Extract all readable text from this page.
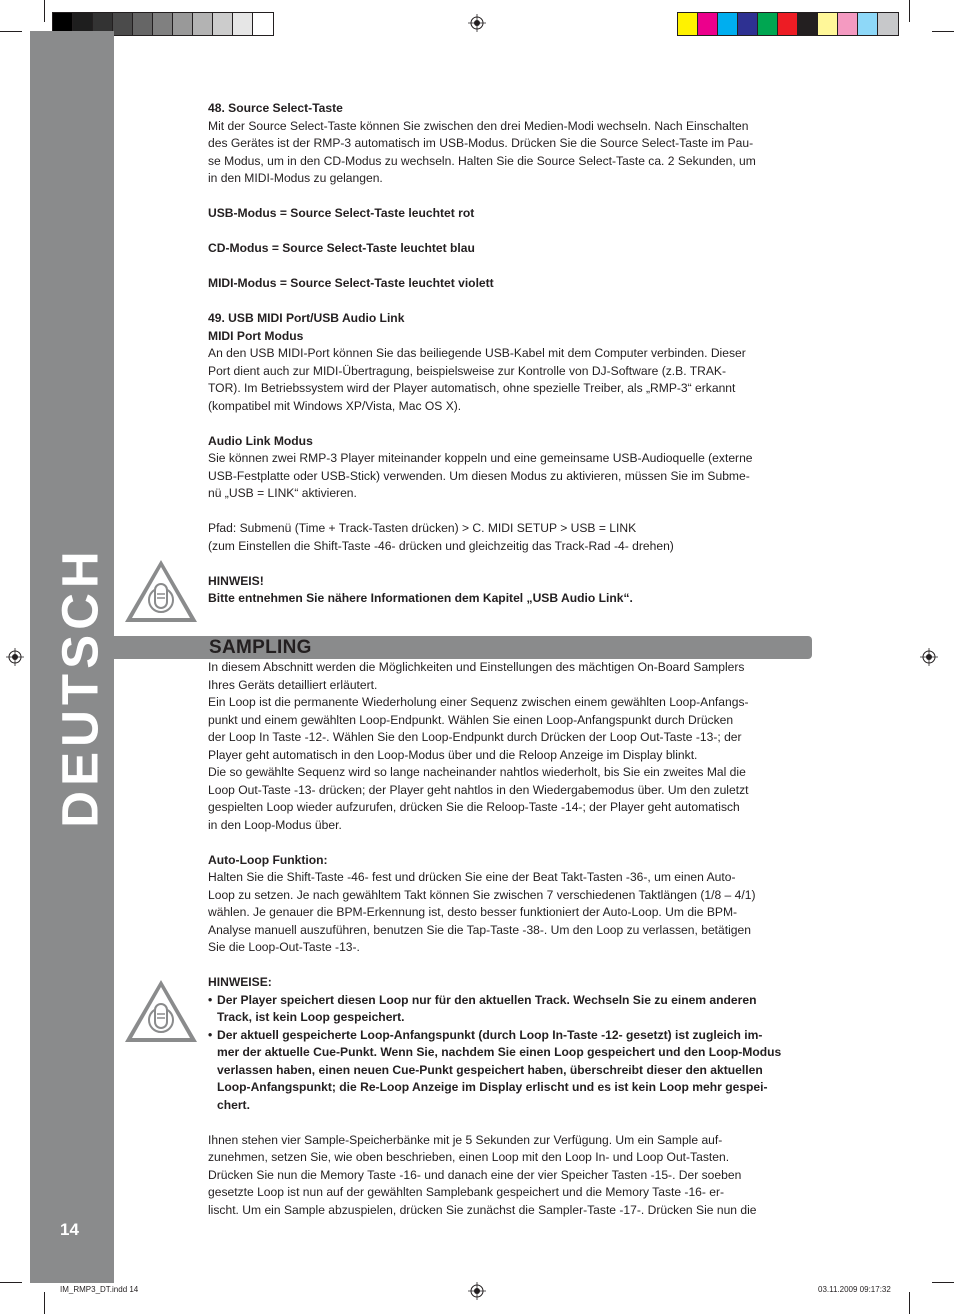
DEUTSCH
14

48. Source Select-Taste

Mit der Source Select-Taste können Sie zwischen den drei Medien-Modi wechseln. Nach Einschalten

des Gerätes ist der RMP-3 automatisch im USB-Modus. Drücken Sie die Source Select-Taste im Pau-

se Modus, um in den CD-Modus zu wechseln. Halten Sie die Source Select-Taste ca. 2 Sekunden, um

in den MIDI-Modus zu gelangen.

USB-Modus = Source Select-Taste leuchtet rot

CD-Modus = Source Select-Taste leuchtet blau

MIDI-Modus = Source Select-Taste leuchtet violett

49. USB MIDI Port/USB Audio Link

MIDI Port Modus

An den USB MIDI-Port können Sie das beiliegende USB-Kabel mit dem Computer verbinden. Dieser

Port dient auch zur MIDI-Übertragung, beispielsweise zur Kontrolle von DJ-Software (z.B. TRAK-

TOR). Im Betriebssystem wird der Player automatisch, ohne spezielle Treiber, als „RMP-3“ erkannt

(kompatibel mit Windows XP/Vista, Mac OS X).

Audio Link Modus

Sie können zwei RMP-3 Player miteinander koppeln und eine gemeinsame USB-Audioquelle (externe

USB-Festplatte oder USB-Stick) verwenden. Um diesen Modus zu aktivieren, müssen Sie im Subme-

nü „USB = LINK“ aktivieren.

Pfad: Submenü (Time + Track-Tasten drücken) > C. MIDI SETUP > USB = LINK

(zum Einstellen die Shift-Taste -46- drücken und gleichzeitig das Track-Rad -4- drehen)

HINWEIS!

Bitte entnehmen Sie nähere Informationen dem Kapitel „USB Audio Link“.

SAMPLING

In diesem Abschnitt werden die Möglichkeiten und Einstellungen des mächtigen On-Board Samplers

Ihres Geräts detailliert erläutert.

Ein Loop ist die permanente Wiederholung einer Sequenz zwischen einem gewählten Loop-Anfangs-

punkt und einem gewählten Loop-Endpunkt. Wählen Sie einen Loop-Anfangspunkt durch Drücken

der Loop In Taste -12-. Wählen Sie den Loop-Endpunkt durch Drücken der Loop Out-Taste -13-; der

Player geht automatisch in den Loop-Modus über und die Reloop Anzeige im Display blinkt.

Die so gewählte Sequenz wird so lange nacheinander nahtlos wiederholt, bis Sie ein zweites Mal die

Loop Out-Taste -13- drücken; der Player geht nahtlos in den Wiedergabemodus über. Um den zuletzt

gespielten Loop wieder aufzurufen, drücken Sie die Reloop-Taste -14-; der Player geht automatisch

in den Loop-Modus über.

Auto-Loop Funktion:

Halten Sie die Shift-Taste -46- fest und drücken Sie eine der Beat Takt-Tasten -36-, um einen Auto-

Loop zu setzen. Je nach gewähltem Takt können Sie zwischen 7 verschiedenen Taktlängen (1/8 – 4/1)

wählen. Je genauer die BPM-Erkennung ist, desto besser funktioniert der Auto-Loop. Um die BPM-

Analyse manuell auszuführen, benutzen Sie die Tap-Taste -38-. Um den Loop zu verlassen, betätigen

Sie die Loop-Out-Taste -13-.

HINWEISE:

• Der Player speichert diesen Loop nur für den aktuellen Track. Wechseln Sie zu einem anderen

Track, ist kein Loop gespeichert.

• Der aktuell gespeicherte Loop-Anfangspunkt (durch Loop In-Taste -12- gesetzt) ist zugleich im-

mer der aktuelle Cue-Punkt. Wenn Sie, nachdem Sie einen Loop gespeichert und den Loop-Modus

verlassen haben, einen neuen Cue-Punkt gespeichert haben, überschreibt dieser den aktuellen

Loop-Anfangspunkt; die Re-Loop Anzeige im Display erlischt und es ist kein Loop mehr gespei-

chert.

Ihnen stehen vier Sample-Speicherbänke mit je 5 Sekunden zur Verfügung. Um ein Sample auf-

zunehmen, setzen Sie, wie oben beschrieben, einen Loop mit den Loop In- und Loop Out-Tasten.

Drücken Sie nun die Memory Taste -16- und danach eine der vier Speicher Tasten -15-. Der soeben

gesetzte Loop ist nun auf der gewählten Samplebank gespeichert und die Memory Taste -16- er-

lischt. Um ein Sample abzuspielen, drücken Sie zunächst die Sampler-Taste -17-. Drücken Sie nun die

IM_RMP3_DT.indd 14	03.11.2009 09:17:32
